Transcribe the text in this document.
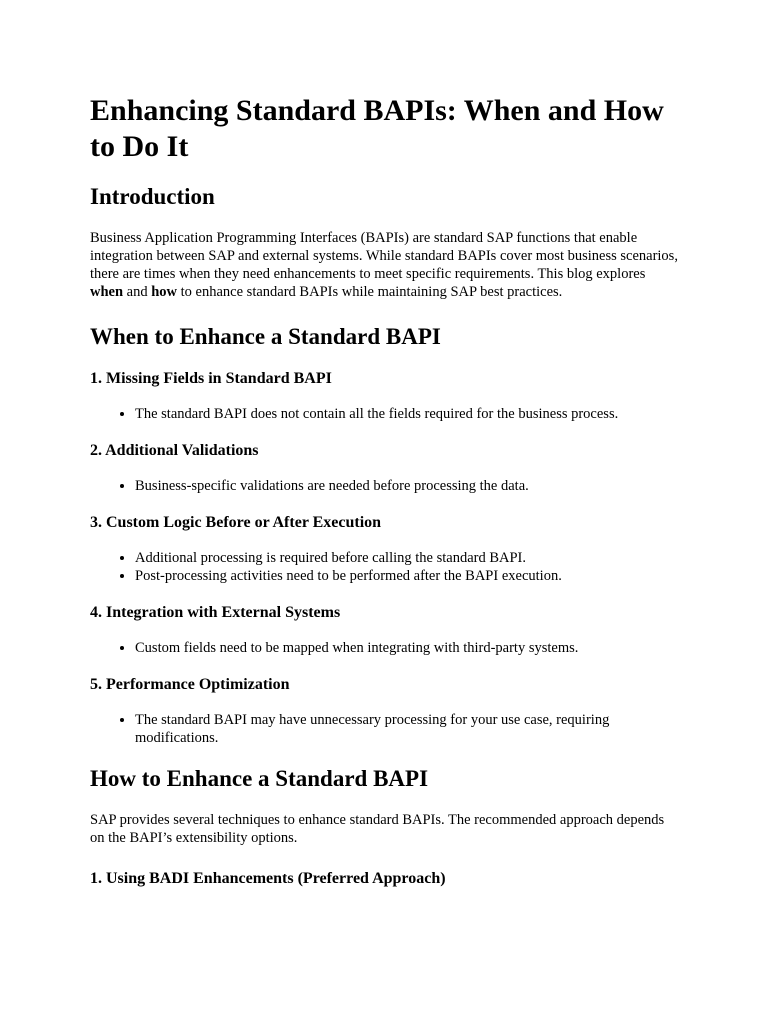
Enhancing Standard BAPIs: When and How to Do It
Introduction

Business Application Programming Interfaces (BAPIs) are standard SAP functions that enable integration between SAP and external systems. While standard BAPIs cover most business scenarios, there are times when they need enhancements to meet specific requirements. This blog explores when and how to enhance standard BAPIs while maintaining SAP best practices.

When to Enhance a Standard BAPI
1. Missing Fields in Standard BAPI
• The standard BAPI does not contain all the fields required for the business process.
2. Additional Validations
• Business-specific validations are needed before processing the data.
3. Custom Logic Before or After Execution
• Additional processing is required before calling the standard BAPI.
• Post-processing activities need to be performed after the BAPI execution.
4. Integration with External Systems
• Custom fields need to be mapped when integrating with third-party systems.
5. Performance Optimization
• The standard BAPI may have unnecessary processing for your use case, requiring modifications.
How to Enhance a Standard BAPI

SAP provides several techniques to enhance standard BAPIs. The recommended approach depends on the BAPI’s extensibility options.

1. Using BADI Enhancements (Preferred Approach)
